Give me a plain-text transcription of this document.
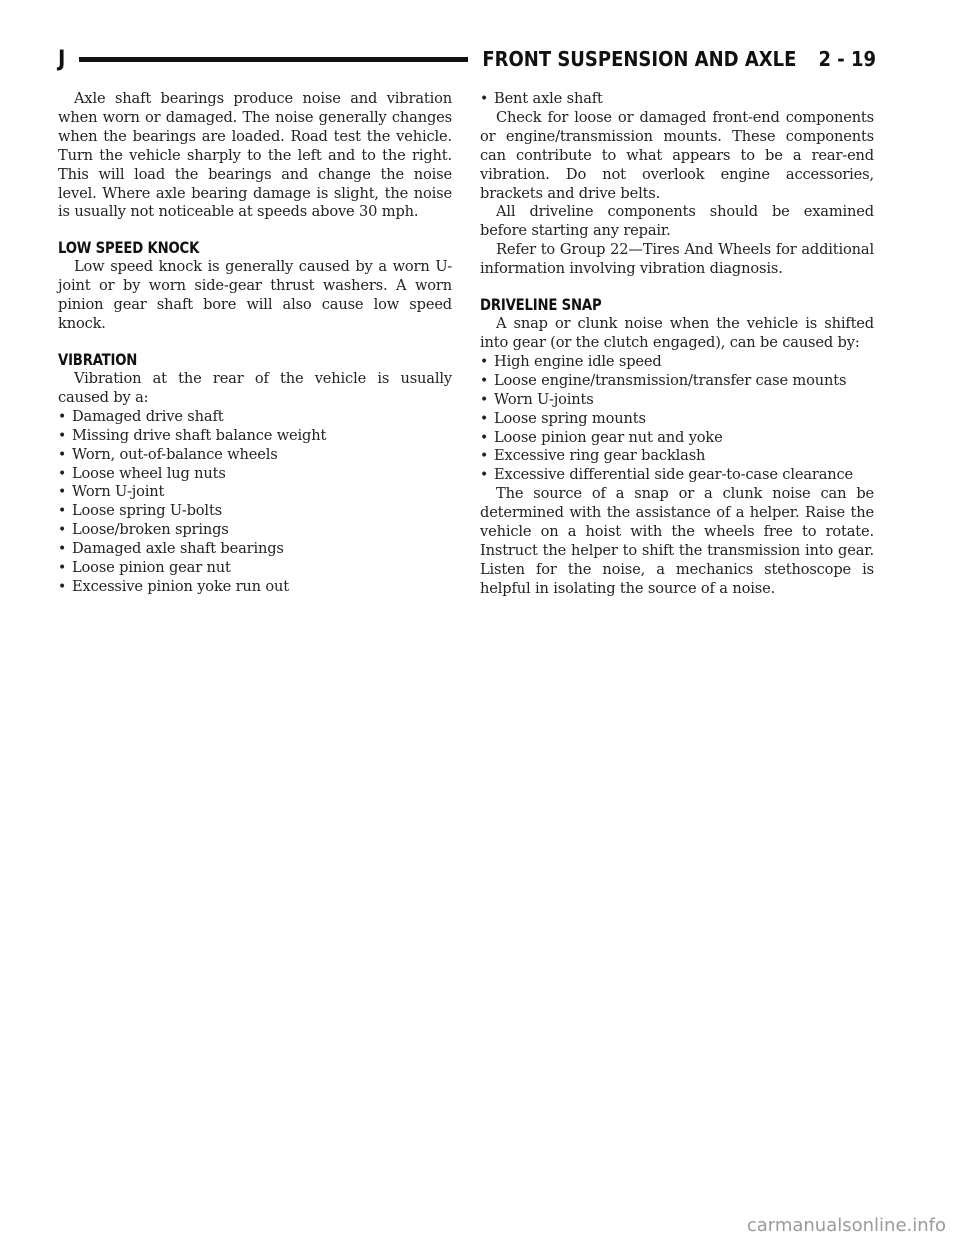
J	FRONT SUSPENSION AND AXLE 2 - 19

Axle shaft bearings produce noise and vibration when worn or damaged. The noise generally changes when the bearings are loaded. Road test the vehicle. Turn the vehicle sharply to the left and to the right. This will load the bearings and change the noise level. Where axle bearing damage is slight, the noise is usually not noticeable at speeds above 30 mph.

LOW SPEED KNOCK

Low speed knock is generally caused by a worn U-joint or by worn side-gear thrust washers. A worn pinion gear shaft bore will also cause low speed knock.

VIBRATION

Vibration at the rear of the vehicle is usually caused by a:

• Damaged drive shaft
• Missing drive shaft balance weight
• Worn, out-of-balance wheels
• Loose wheel lug nuts
• Worn U-joint
• Loose spring U-bolts
• Loose/broken springs
• Damaged axle shaft bearings
• Loose pinion gear nut
• Excessive pinion yoke run out
• Bent axle shaft

Check for loose or damaged front-end components or engine/transmission mounts. These components can contribute to what appears to be a rear-end vibration. Do not overlook engine accessories, brackets and drive belts.

All driveline components should be examined before starting any repair.

Refer to Group 22—Tires And Wheels for additional information involving vibration diagnosis.

DRIVELINE SNAP

A snap or clunk noise when the vehicle is shifted into gear (or the clutch engaged), can be caused by:

• High engine idle speed
• Loose engine/transmission/transfer case mounts
• Worn U-joints
• Loose spring mounts
• Loose pinion gear nut and yoke
• Excessive ring gear backlash
• Excessive differential side gear-to-case clearance

The source of a snap or a clunk noise can be determined with the assistance of a helper. Raise the vehicle on a hoist with the wheels free to rotate. Instruct the helper to shift the transmission into gear. Listen for the noise, a mechanics stethoscope is helpful in isolating the source of a noise.

carmanualsonline.info
